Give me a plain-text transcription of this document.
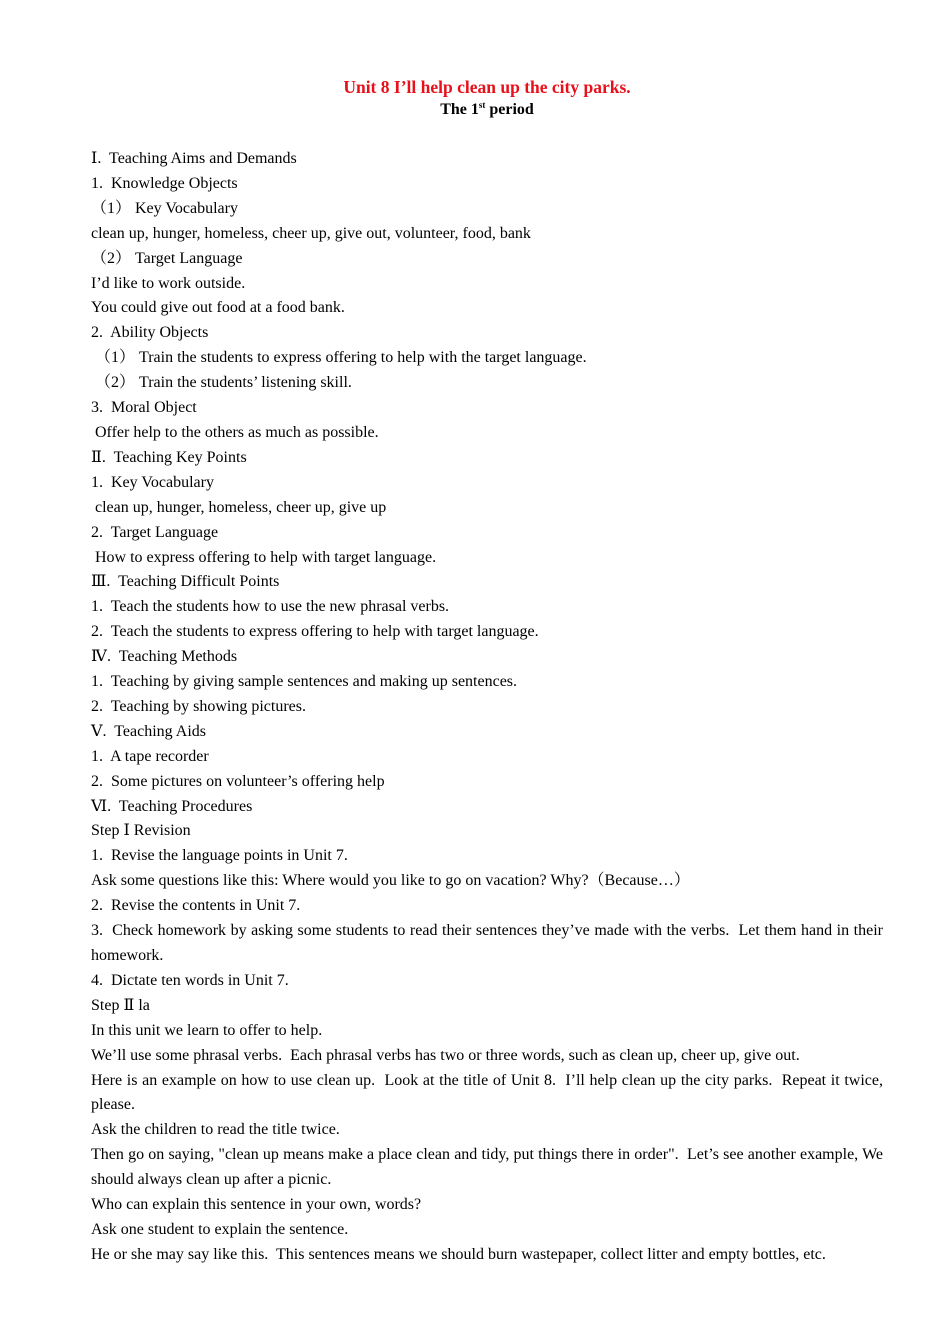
Unit 8 I’ll help clean up the city parks.

The 1st period

Ⅰ.  Teaching Aims and Demands

1.  Knowledge Objects

（1） Key Vocabulary

clean up, hunger, homeless, cheer up, give out, volunteer, food, bank

（2） Target Language

I’d like to work outside.

You could give out food at a food bank.

2.  Ability Objects

（1） Train the students to express offering to help with the target language.

（2） Train the students’ listening skill.

3.  Moral Object

Offer help to the others as much as possible.

Ⅱ.  Teaching Key Points

1.  Key Vocabulary

clean up, hunger, homeless, cheer up, give up

2.  Target Language

How to express offering to help with target language.

Ⅲ.  Teaching Difficult Points

1.  Teach the students how to use the new phrasal verbs.

2.  Teach the students to express offering to help with target language.

Ⅳ.  Teaching Methods

1.  Teaching by giving sample sentences and making up sentences.

2.  Teaching by showing pictures.

Ⅴ.  Teaching Aids

1.  A tape recorder

2.  Some pictures on volunteer’s offering help

Ⅵ.  Teaching Procedures

Step Ⅰ Revision

1.  Revise the language points in Unit 7.

Ask some questions like this: Where would you like to go on vacation? Why?（Because…）

2.  Revise the contents in Unit 7.

3.  Check homework by asking some students to read their sentences they’ve made with the verbs.  Let them hand in their homework.

4.  Dictate ten words in Unit 7.

Step Ⅱ la

In this unit we learn to offer to help.

We’ll use some phrasal verbs.  Each phrasal verbs has two or three words, such as clean up, cheer up, give out.

Here is an example on how to use clean up.  Look at the title of Unit 8.  I’ll help clean up the city parks.  Repeat it twice, please.

Ask the children to read the title twice.

Then go on saying, "clean up means make a place clean and tidy, put things there in order".  Let’s see another example, We should always clean up after a picnic.

Who can explain this sentence in your own, words?

Ask one student to explain the sentence.

He or she may say like this.  This sentences means we should burn wastepaper, collect litter and empty bottles, etc.
